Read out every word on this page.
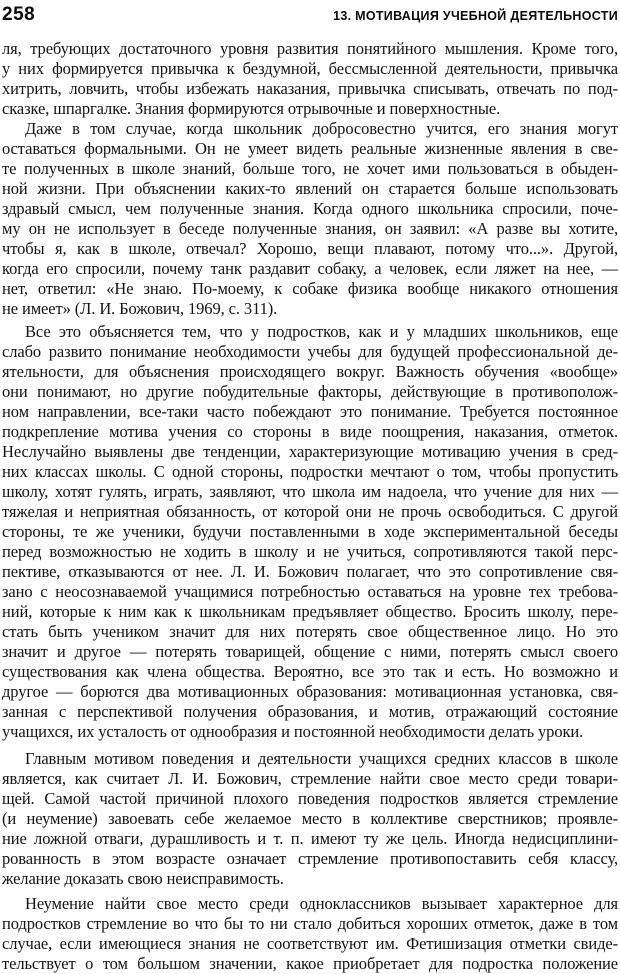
258	13. МОТИВАЦИЯ УЧЕБНОЙ ДЕЯТЕЛЬНОСТИ
ля, требующих достаточного уровня развития понятийного мышления. Кроме того,
у них формируется привычка к бездумной, бессмысленной деятельности, привычка
хитрить, ловчить, чтобы избежать наказания, привычка списывать, отвечать по под-
сказке, шпаргалке. Знания формируются отрывочные и поверхностные.
Даже в том случае, когда школьник добросовестно учится, его знания могут
оставаться формальными. Он не умеет видеть реальные жизненные явления в све-
те полученных в школе знаний, больше того, не хочет ими пользоваться в обыден-
ной жизни. При объяснении каких-то явлений он старается больше использовать
здравый смысл, чем полученные знания. Когда одного школьника спросили, поче-
му он не использует в беседе полученные знания, он заявил: «А разве вы хотите,
чтобы я, как в школе, отвечал? Хорошо, вещи плавают, потому что...». Другой,
когда его спросили, почему танк раздавит собаку, а человек, если ляжет на нее, —
нет, ответил: «Не знаю. По-моему, к собаке физика вообще никакого отношения
не имеет» (Л. И. Божович, 1969, с. 311).
Все это объясняется тем, что у подростков, как и у младших школьников, еще
слабо развито понимание необходимости учебы для будущей профессиональной де-
ятельности, для объяснения происходящего вокруг. Важность обучения «вообще»
они понимают, но другие побудительные факторы, действующие в противополож-
ном направлении, все-таки часто побеждают это понимание. Требуется постоянное
подкрепление мотива учения со стороны в виде поощрения, наказания, отметок.
Неслучайно выявлены две тенденции, характеризующие мотивацию учения в сред-
них классах школы. С одной стороны, подростки мечтают о том, чтобы пропустить
школу, хотят гулять, играть, заявляют, что школа им надоела, что учение для них —
тяжелая и неприятная обязанность, от которой они не прочь освободиться. С другой
стороны, те же ученики, будучи поставленными в ходе экспериментальной беседы
перед возможностью не ходить в школу и не учиться, сопротивляются такой перс-
пективе, отказываются от нее. Л. И. Божович полагает, что это сопротивление свя-
зано с неосознаваемой учащимися потребностью оставаться на уровне тех требова-
ний, которые к ним как к школьникам предъявляет общество. Бросить школу, пере-
стать быть учеником значит для них потерять свое общественное лицо. Но это
значит и другое — потерять товарищей, общение с ними, потерять смысл своего
существования как члена общества. Вероятно, все это так и есть. Но возможно и
другое — борются два мотивационных образования: мотивационная установка, свя-
занная с перспективой получения образования, и мотив, отражающий состояние
учащихся, их усталость от однообразия и постоянной необходимости делать уроки.
Главным мотивом поведения и деятельности учащихся средних классов в школе
является, как считает Л. И. Божович, стремление найти свое место среди товари-
щей. Самой частой причиной плохого поведения подростков является стремление
(и неумение) завоевать себе желаемое место в коллективе сверстников; проявле-
ние ложной отваги, дурашливость и т. п. имеют ту же цель. Иногда недисциплини-
рованность в этом возрасте означает стремление противопоставить себя классу,
желание доказать свою неисправимость.
Неумение найти свое место среди одноклассников вызывает характерное для
подростков стремление во что бы то ни стало добиться хороших отметок, даже в том
случае, если имеющиеся знания не соответствуют им. Фетишизация отметки свиде-
тельствует о том большом значении, какое приобретает для подростка положение
